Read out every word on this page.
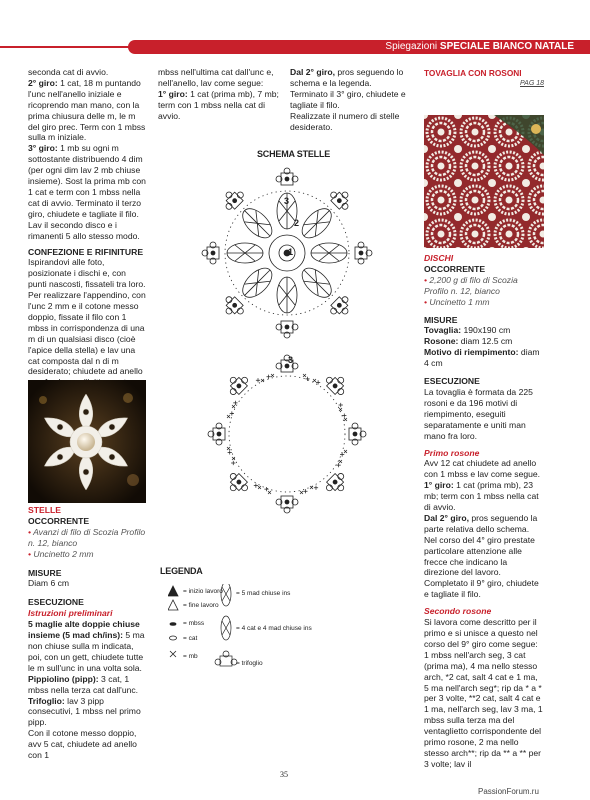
Spiegazioni SPECIALE BIANCO NATALE

seconda cat di avvio.

2° giro: 1 cat, 18 m puntando l'unc nell'anello iniziale e ricoprendo man mano, con la prima chiusura delle m, le m del giro prec. Term con 1 mbss sulla m iniziale.

3° giro: 1 mb su ogni m sottostante distribuendo 4 dim (per ogni dim lav 2 mb chiuse insieme). Sost la prima mb con 1 cat e term con 1 mbss nella cat di avvio. Terminato il terzo giro, chiudete e tagliate il filo. Lav il secondo disco e i rimanenti 5 allo stesso modo.

CONFEZIONE E RIFINITURE

Ispirandovi alle foto, posizionate i dischi e, con punti nascosti, fissateli tra loro. Per realizzare l'appendino, con l'unc 2 mm e il cotone messo doppio, fissate il filo con 1 mbss in corrispondenza di una m di un qualsiasi disco (cioè l'apice della stella) e lav una cat composta dal n di m desiderato; chiudete ad anello

STELLE

OCCORRENTE

• Avanzi di filo di Scozia Profilo n. 12, bianco

• Uncinetto 2 mm

MISURE

Diam 6 cm

ESECUZIONE

Istruzioni preliminari

5 maglie alte doppie chiuse insieme (5 mad ch/ins): 5 ma non chiuse sulla m indicata, poi, con un gett, chiudete tutte le m sull'unc in una volta sola.

Pippiolino (pipp): 3 cat, 1 mbss nella terza cat dall'unc.

Trifoglio: lav 3 pipp consecutivi, 1 mbss nel primo pipp.

Con il cotone messo doppio, avv 5 cat, chiudete ad anello con 1

mbss nell'ultima cat dall'unc e, nell'anello, lav come segue:

1° giro: 1 cat (prima mb), 7 mb; term con 1 mbss nella cat di avvio.

Dal 2° giro, pros seguendo lo schema e la legenda.

Terminato il 3° giro, chiudete e tagliate il filo.

Realizzate il numero di stelle desiderato.

SCHEMA STELLE
3
2
1
3
LEGENDA
= inizio lavoro
= fine lavoro
= mbss
= cat
= mb
= 5 mad chiuse ins
= 4 cat e 4 mad chiuse ins
= trifoglio

TOVAGLIA CON ROSONI

PAG 18

DISCHI

OCCORRENTE

• 2,200 g di filo di Scozia Profilo n. 12, bianco

• Uncinetto 1 mm

MISURE

Tovaglia: 190x190 cm

Rosone: diam 12.5 cm

Motivo di riempimento: diam 4 cm

ESECUZIONE

La tovaglia è formata da 225 rosoni e da 196 motivi di riempimento, eseguiti separatamente e uniti man mano fra loro.

Primo rosone

Avv 12 cat chiudete ad anello con 1 mbss e lav come segue.

1° giro: 1 cat (prima mb), 23 mb; term con 1 mbss nella cat di avvio.

Dal 2° giro, pros seguendo la parte relativa dello schema. Nel corso del 4° giro prestate particolare attenzione alle frecce che indicano la direzione del lavoro. Completato il 9° giro, chiudete e tagliate il filo.

Secondo rosone

Si lavora come descritto per il primo e si unisce a questo nel corso del 9° giro come segue: 1 mbss nell'arch seg, 3 cat (prima ma), 4 ma nello stesso arch, *2 cat, salt 4 cat e 1 ma, 5 ma nell'arch seg*; rip da * a * per 3 volte, **2 cat, salt 4 cat e 1 ma, nell'arch seg, lav 3 ma, 1 mbss sulla terza ma del ventaglietto corrispondente del primo rosone, 2 ma nello stesso arch**; rip da ** a ** per 3 volte; lav il

35
PassionForum.ru
